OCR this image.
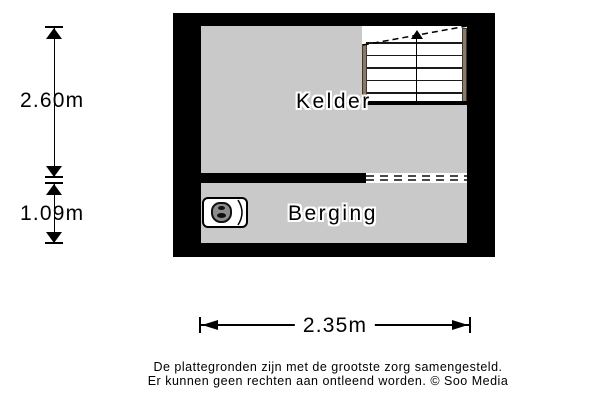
Kelder
Berging
2.60m
1.09m
2.35m
De plattegronden zijn met de grootste zorg samengesteld.
Er kunnen geen rechten aan ontleend worden. © Soo Media
